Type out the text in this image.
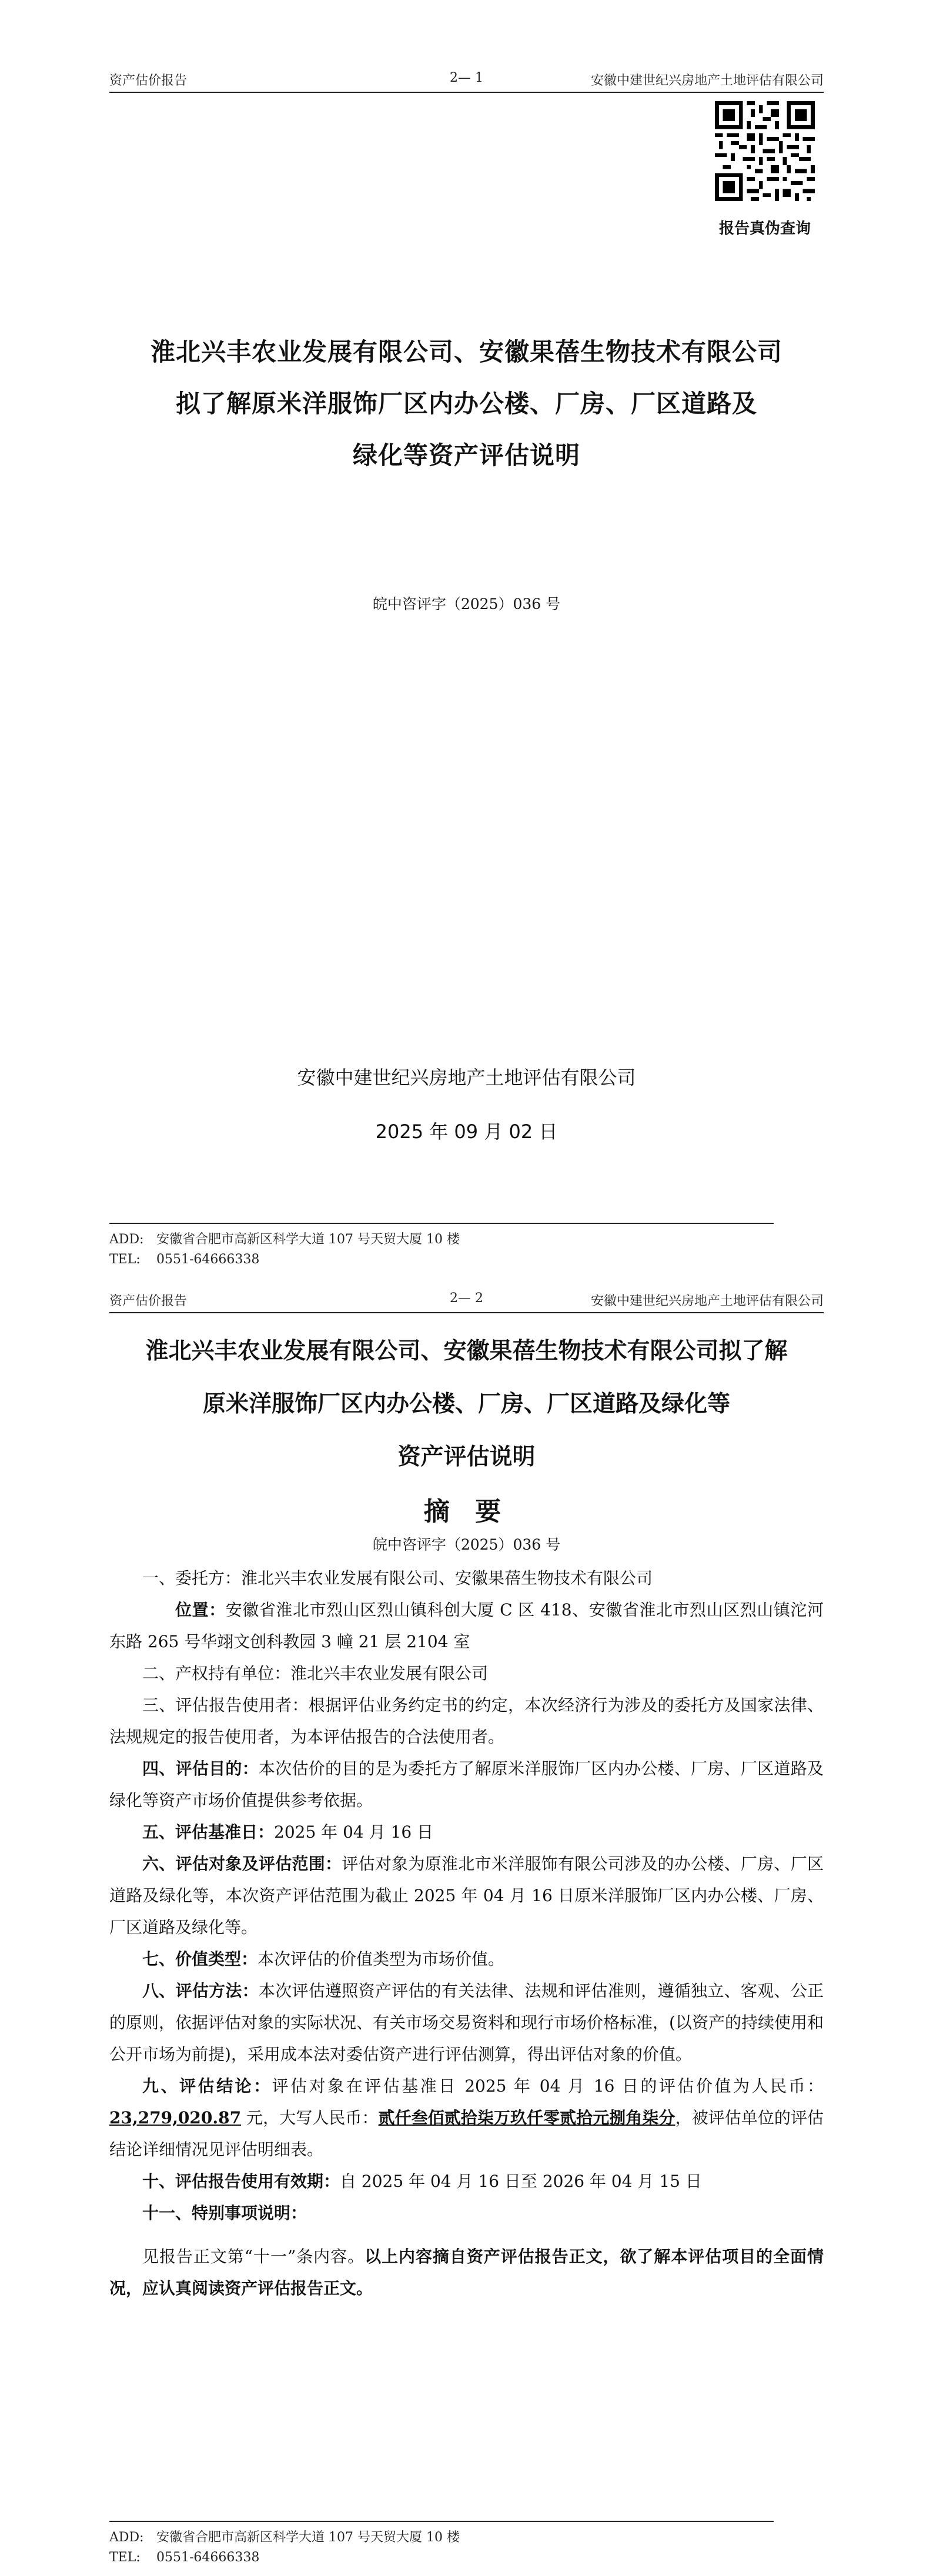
资产估价报告	2— 1	安徽中建世纪兴房地产土地评估有限公司
报告真伪查询
淮北兴丰农业发展有限公司、安徽果蓓生物技术有限公司
拟了解原米洋服饰厂区内办公楼、厂房、厂区道路及
绿化等资产评估说明
皖中咨评字（2025）036 号
安徽中建世纪兴房地产土地评估有限公司
2025 年 09 月 02 日
ADD: 安徽省合肥市高新区科学大道 107 号天贸大厦 10 楼
TEL: 0551-64666338
资产估价报告	2— 2	安徽中建世纪兴房地产土地评估有限公司
淮北兴丰农业发展有限公司、安徽果蓓生物技术有限公司拟了解
原米洋服饰厂区内办公楼、厂房、厂区道路及绿化等
资产评估说明
摘 要
皖中咨评字（2025）036 号

一、委托方：淮北兴丰农业发展有限公司、安徽果蓓生物技术有限公司

位置：安徽省淮北市烈山区烈山镇科创大厦 C 区 418、安徽省淮北市烈山区烈山镇沱河东路 265 号华翊文创科教园 3 幢 21 层 2104 室

二、产权持有单位：淮北兴丰农业发展有限公司

三、评估报告使用者：根据评估业务约定书的约定，本次经济行为涉及的委托方及国家法律、法规规定的报告使用者，为本评估报告的合法使用者。

四、评估目的：本次估价的目的是为委托方了解原米洋服饰厂区内办公楼、厂房、厂区道路及绿化等资产市场价值提供参考依据。

五、评估基准日：2025 年 04 月 16 日

六、评估对象及评估范围：评估对象为原淮北市米洋服饰有限公司涉及的办公楼、厂房、厂区道路及绿化等，本次资产评估范围为截止 2025 年 04 月 16 日原米洋服饰厂区内办公楼、厂房、厂区道路及绿化等。

七、价值类型：本次评估的价值类型为市场价值。

八、评估方法：本次评估遵照资产评估的有关法律、法规和评估准则，遵循独立、客观、公正的原则，依据评估对象的实际状况、有关市场交易资料和现行市场价格标准，(以资产的持续使用和公开市场为前提)，采用成本法对委估资产进行评估测算，得出评估对象的价值。

九、评估结论：评估对象在评估基准日 2025 年 04 月 16 日的评估价值为人民币：23,279,020.87 元，大写人民币：贰仟叁佰贰拾柒万玖仟零贰拾元捌角柒分，被评估单位的评估结论详细情况见评估明细表。

十、评估报告使用有效期：自 2025 年 04 月 16 日至 2026 年 04 月 15 日

十一、特别事项说明：

见报告正文第“十一”条内容。以上内容摘自资产评估报告正文，欲了解本评估项目的全面情况，应认真阅读资产评估报告正文。

ADD: 安徽省合肥市高新区科学大道 107 号天贸大厦 10 楼
TEL: 0551-64666338
